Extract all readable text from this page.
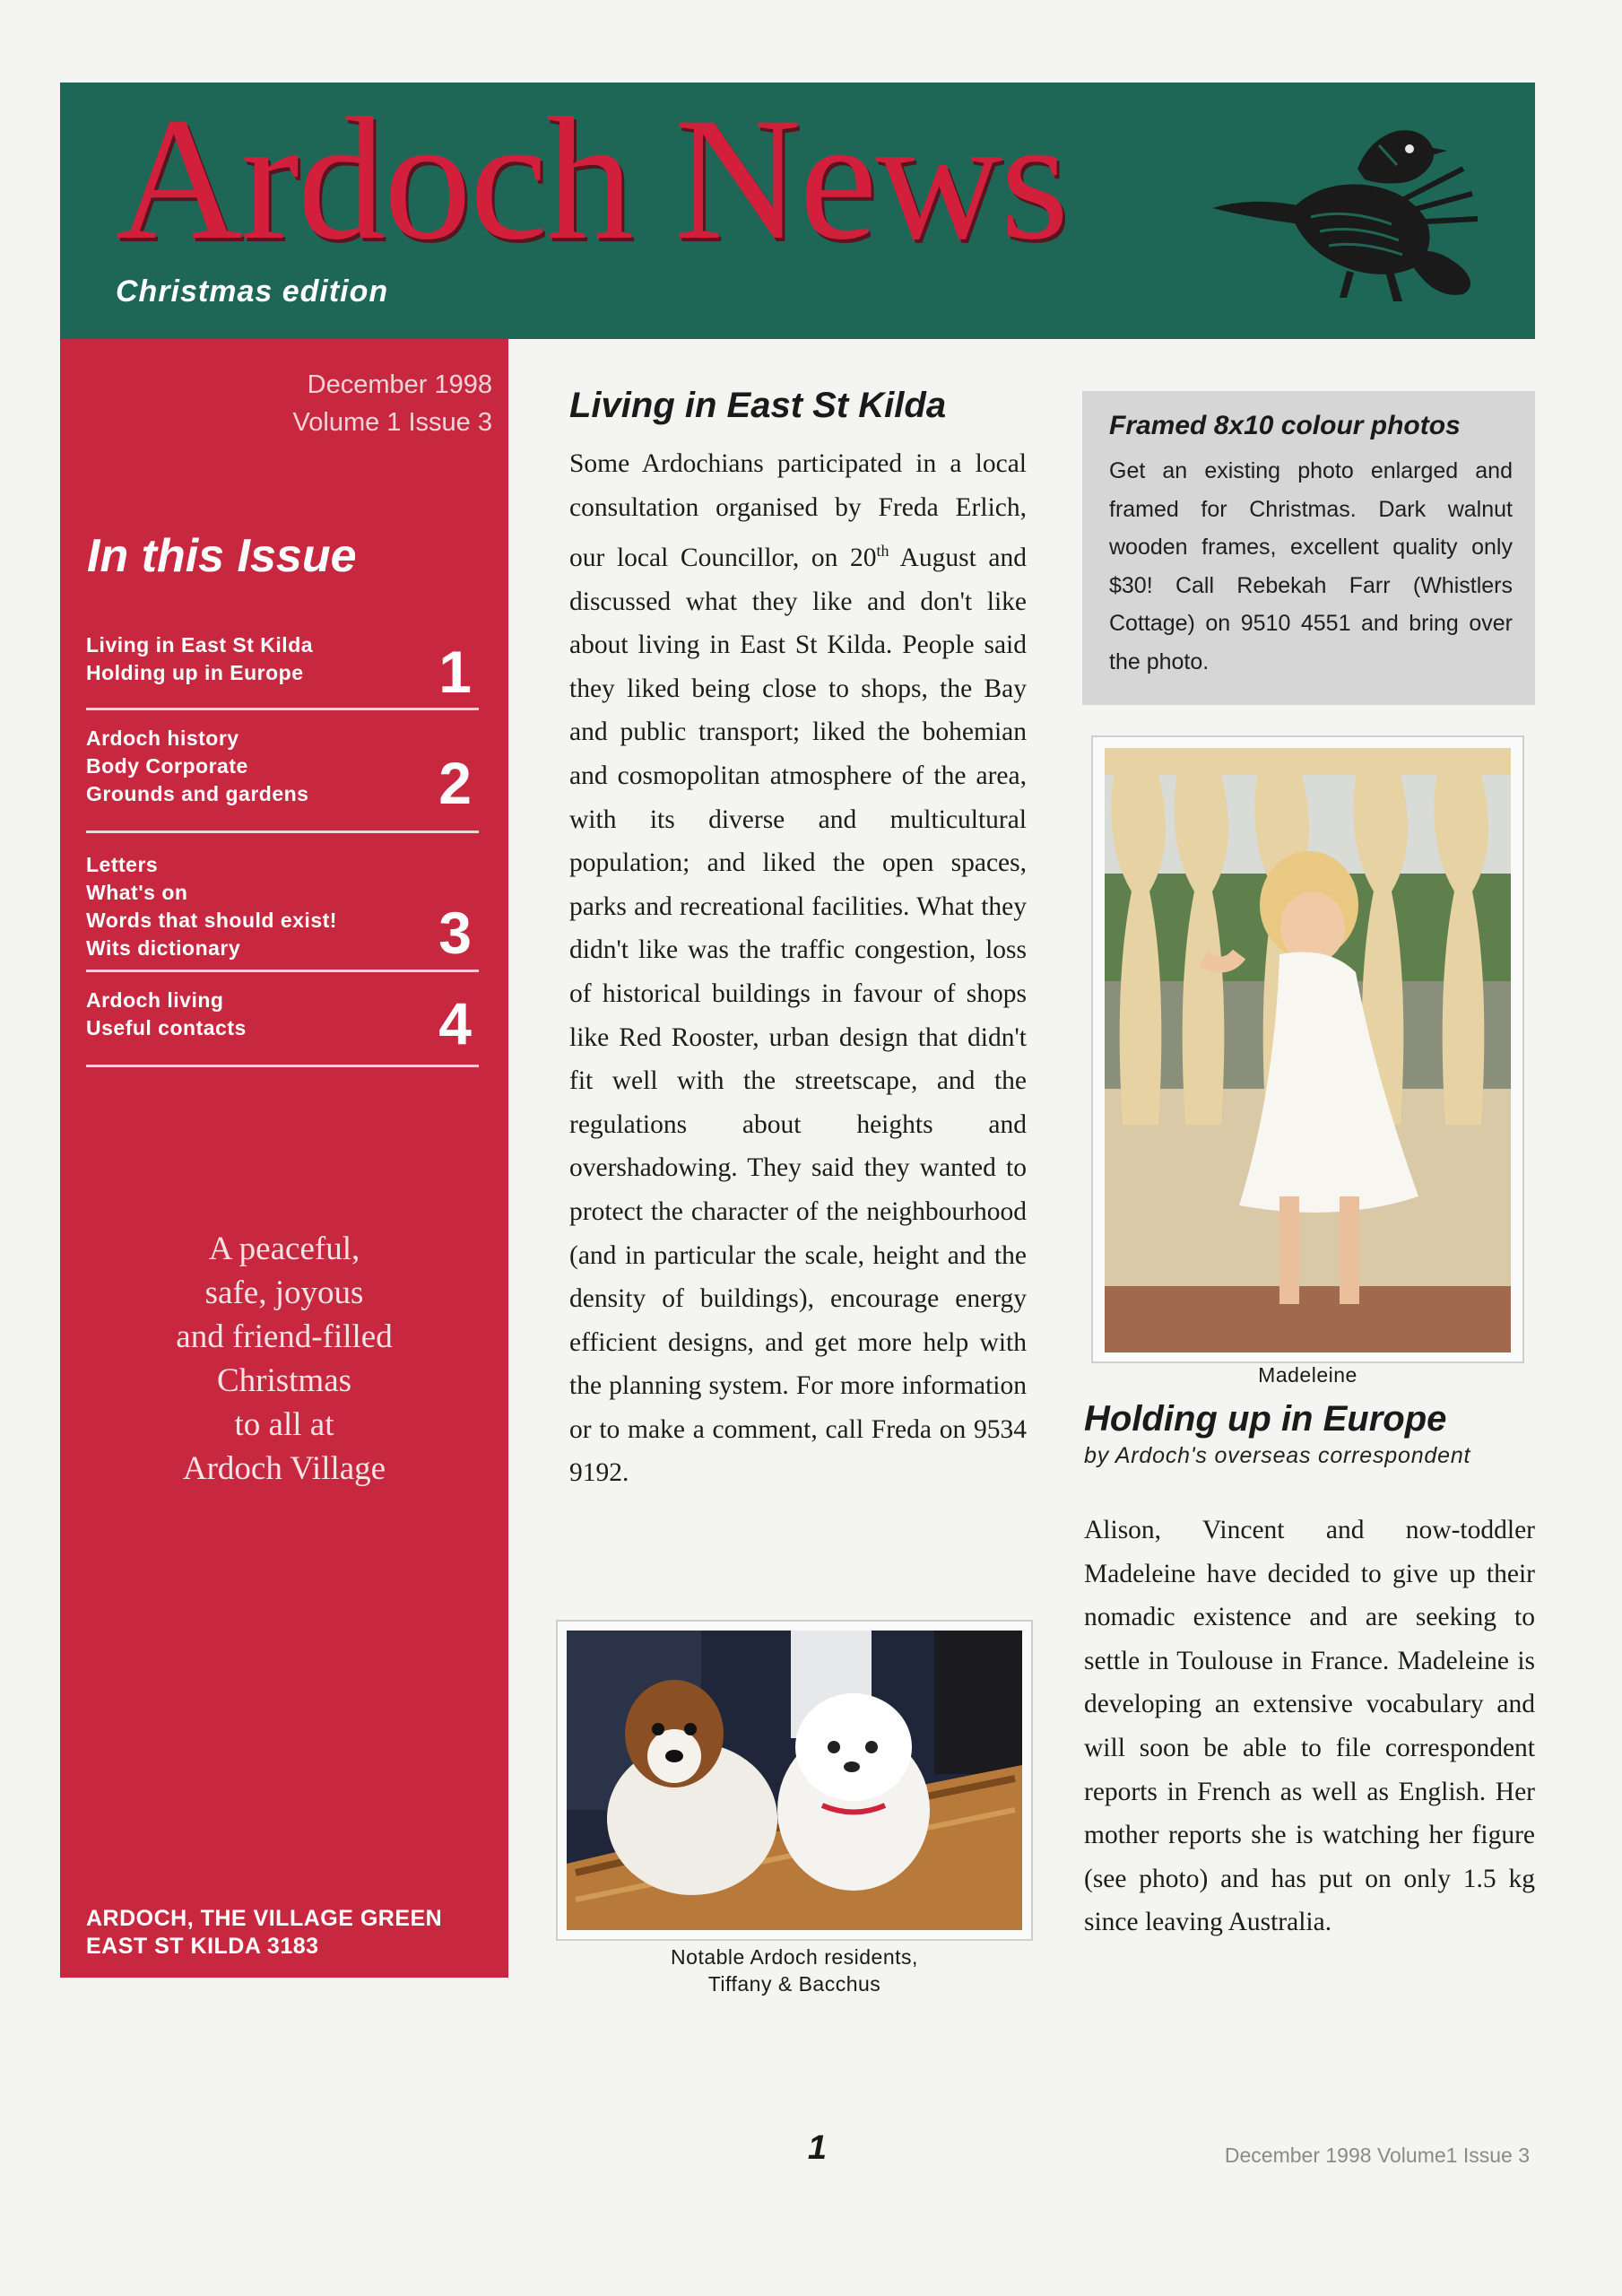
Ardoch News
Christmas edition
December 1998
Volume 1 Issue 3
In this Issue
Living in East St Kilda
Holding up in Europe 1
Ardoch history
Body Corporate
Grounds and gardens 2
Letters
What's on
Words that should exist!
Wits dictionary	3
Ardoch living
Useful contacts	4
A peaceful,
safe, joyous
and friend-filled
Christmas
to all at
Ardoch Village
ARDOCH, THE VILLAGE GREEN
EAST ST KILDA 3183
Living in East St Kilda

Some Ardochians participated in a local consultation organised by Freda Erlich, our local Councillor, on 20th August and discussed what they like and don't like about living in East St Kilda. People said they liked being close to shops, the Bay and public transport; liked the bohemian and cosmopolitan atmosphere of the area, with its diverse and multicultural population; and liked the open spaces, parks and recreational facilities. What they didn't like was the traffic congestion, loss of historical buildings in favour of shops like Red Rooster, urban design that didn't fit well with the streetscape, and the regulations about heights and overshadowing. They said they wanted to protect the character of the neighbourhood (and in particular the scale, height and the density of buildings), encourage energy efficient designs, and get more help with the planning system. For more information or to make a comment, call Freda on 9534 9192.

Notable Ardoch residents,
Tiffany & Bacchus
Framed 8x10 colour photos
Get an existing photo enlarged and framed for Christmas. Dark walnut wooden frames, excellent quality only $30! Call Rebekah Farr (Whistlers Cottage) on 9510 4551 and bring over the photo.
Madeleine
Holding up in Europe
by Ardoch's overseas correspondent

Alison, Vincent and now-toddler Madeleine have decided to give up their nomadic existence and are seeking to settle in Toulouse in France. Madeleine is developing an extensive vocabulary and will soon be able to file correspondent reports in French as well as English. Her mother reports she is watching her figure (see photo) and has put on only 1.5 kg since leaving Australia.

1	December 1998 Volume1 Issue 3
